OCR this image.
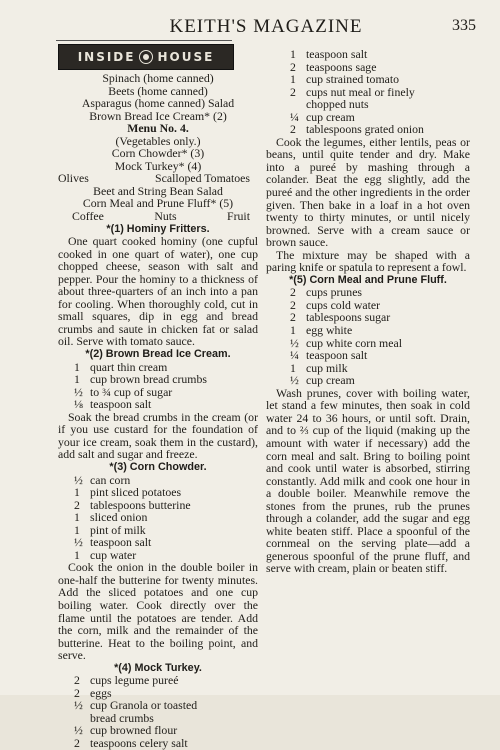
KEITH'S MAGAZINE	335
INSIDE HOUSE
Spinach (home canned)
Beets (home canned)
Asparagus (home canned) Salad
Brown Bread Ice Cream* (2)
Menu No. 4.
(Vegetables only.)
Corn Chowder* (3)
Mock Turkey* (4)
Olives	Scalloped Tomatoes
Beet and String Bean Salad
Corn Meal and Prune Fluff* (5)
Coffee	Nuts	Fruit
*(1) Hominy Fritters.

One quart cooked hominy (one cupful cooked in one quart of water), one cup chopped cheese, season with salt and pepper. Pour the hominy to a thickness of about three-quarters of an inch into a pan for cooling. When thoroughly cold, cut in small squares, dip in egg and bread crumbs and saute in chicken fat or salad oil. Serve with tomato sauce.

*(2) Brown Bread Ice Cream.
1 quart thin cream
1 cup brown bread crumbs
½ to ¾ cup of sugar
⅛ teaspoon salt

Soak the bread crumbs in the cream (or if you use custard for the foundation of your ice cream, soak them in the custard), add salt and sugar and freeze.

*(3) Corn Chowder.
½ can corn
1 pint sliced potatoes
2 tablespoons butterine
1 sliced onion
1 pint of milk
½ teaspoon salt
1 cup water

Cook the onion in the double boiler in one-half the butterine for twenty minutes. Add the sliced potatoes and one cup boiling water. Cook directly over the flame until the potatoes are tender. Add the corn, milk and the remainder of the butterine. Heat to the boiling point, and serve.

*(4) Mock Turkey.
2 cups legume pureé
2 eggs
½ cup Granola or toasted
bread crumbs
½ cup browned flour
2 teaspoons celery salt
1 teaspoon salt
2 teaspoons sage
1 cup strained tomato
2 cups nut meal or finely
chopped nuts
¼ cup cream
2 tablespoons grated onion

Cook the legumes, either lentils, peas or beans, until quite tender and dry. Make into a pureé by mashing through a colander. Beat the egg slightly, add the pureé and the other ingredients in the order given. Then bake in a loaf in a hot oven twenty to thirty minutes, or until nicely browned. Serve with a cream sauce or brown sauce.

The mixture may be shaped with a paring knife or spatula to represent a fowl.

*(5) Corn Meal and Prune Fluff.
2 cups prunes
2 cups cold water
2 tablespoons sugar
1 egg white
½ cup white corn meal
¼ teaspoon salt
1 cup milk
½ cup cream

Wash prunes, cover with boiling water, let stand a few minutes, then soak in cold water 24 to 36 hours, or until soft. Drain, and to ⅔ cup of the liquid (making up the amount with water if necessary) add the corn meal and salt. Bring to boiling point and cook until water is absorbed, stirring constantly. Add milk and cook one hour in a double boiler. Meanwhile remove the stones from the prunes, rub the prunes through a colander, add the sugar and egg white beaten stiff. Place a spoonful of the cornmeal on the serving plate—add a generous spoonful of the prune fluff, and serve with cream, plain or beaten stiff.
